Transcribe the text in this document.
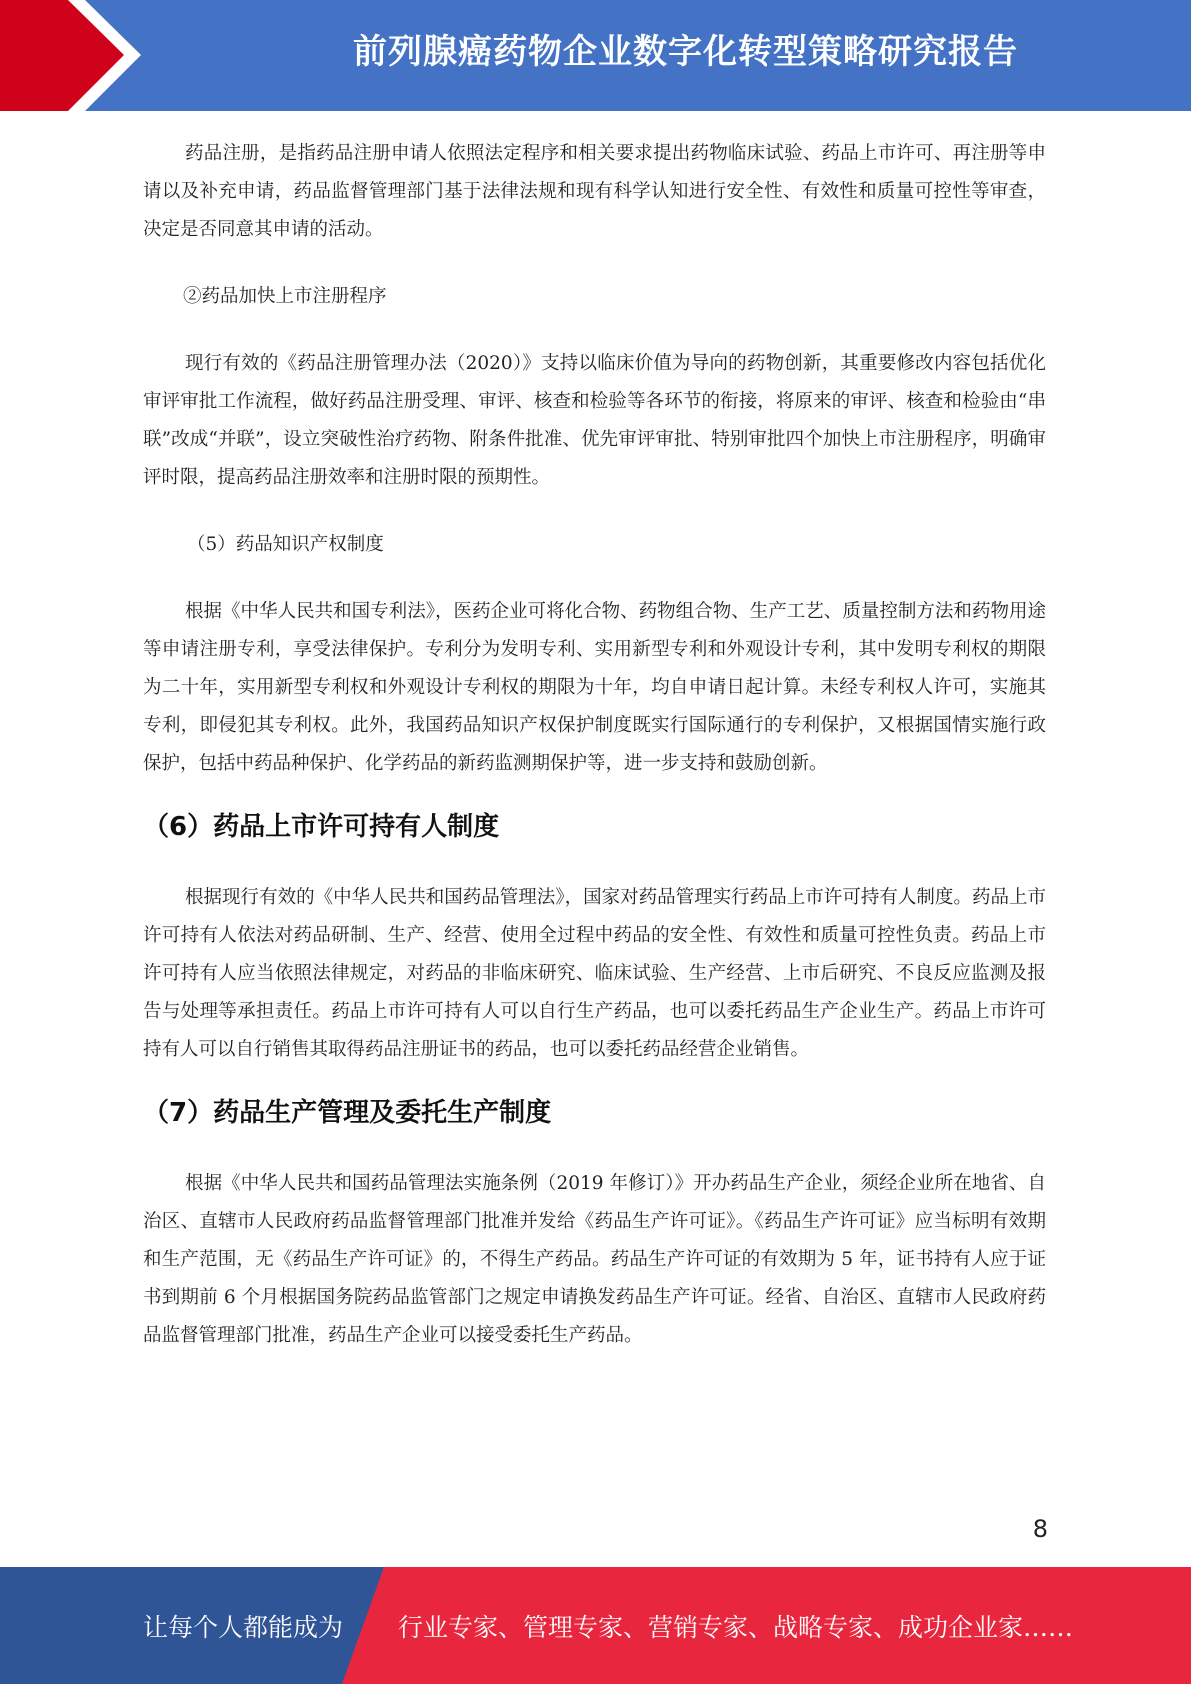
前列腺癌药物企业数字化转型策略研究报告

药品注册，是指药品注册申请人依照法定程序和相关要求提出药物临床试验、药品上市许可、再注册等申请以及补充申请，药品监督管理部门基于法律法规和现有科学认知进行安全性、有效性和质量可控性等审查，决定是否同意其申请的活动。

②药品加快上市注册程序

现行有效的《药品注册管理办法（2020）》支持以临床价值为导向的药物创新，其重要修改内容包括优化审评审批工作流程，做好药品注册受理、审评、核查和检验等各环节的衔接，将原来的审评、核查和检验由“串联”改成“并联”，设立突破性治疗药物、附条件批准、优先审评审批、特别审批四个加快上市注册程序，明确审评时限，提高药品注册效率和注册时限的预期性。

（5）药品知识产权制度

根据《中华人民共和国专利法》，医药企业可将化合物、药物组合物、生产工艺、质量控制方法和药物用途等申请注册专利，享受法律保护。专利分为发明专利、实用新型专利和外观设计专利，其中发明专利权的期限为二十年，实用新型专利权和外观设计专利权的期限为十年，均自申请日起计算。未经专利权人许可，实施其专利，即侵犯其专利权。此外，我国药品知识产权保护制度既实行国际通行的专利保护，又根据国情实施行政保护，包括中药品种保护、化学药品的新药监测期保护等，进一步支持和鼓励创新。

（6）药品上市许可持有人制度

根据现行有效的《中华人民共和国药品管理法》，国家对药品管理实行药品上市许可持有人制度。药品上市许可持有人依法对药品研制、生产、经营、使用全过程中药品的安全性、有效性和质量可控性负责。药品上市许可持有人应当依照法律规定，对药品的非临床研究、临床试验、生产经营、上市后研究、不良反应监测及报告与处理等承担责任。药品上市许可持有人可以自行生产药品，也可以委托药品生产企业生产。药品上市许可持有人可以自行销售其取得药品注册证书的药品，也可以委托药品经营企业销售。

（7）药品生产管理及委托生产制度

根据《中华人民共和国药品管理法实施条例（2019 年修订）》开办药品生产企业，须经企业所在地省、自治区、直辖市人民政府药品监督管理部门批准并发给《药品生产许可证》。《药品生产许可证》应当标明有效期和生产范围，无《药品生产许可证》的，不得生产药品。药品生产许可证的有效期为 5 年，证书持有人应于证书到期前 6 个月根据国务院药品监管部门之规定申请换发药品生产许可证。经省、自治区、直辖市人民政府药品监督管理部门批准，药品生产企业可以接受委托生产药品。

8
让每个人都能成为 行业专家、管理专家、营销专家、战略专家、成功企业家……
